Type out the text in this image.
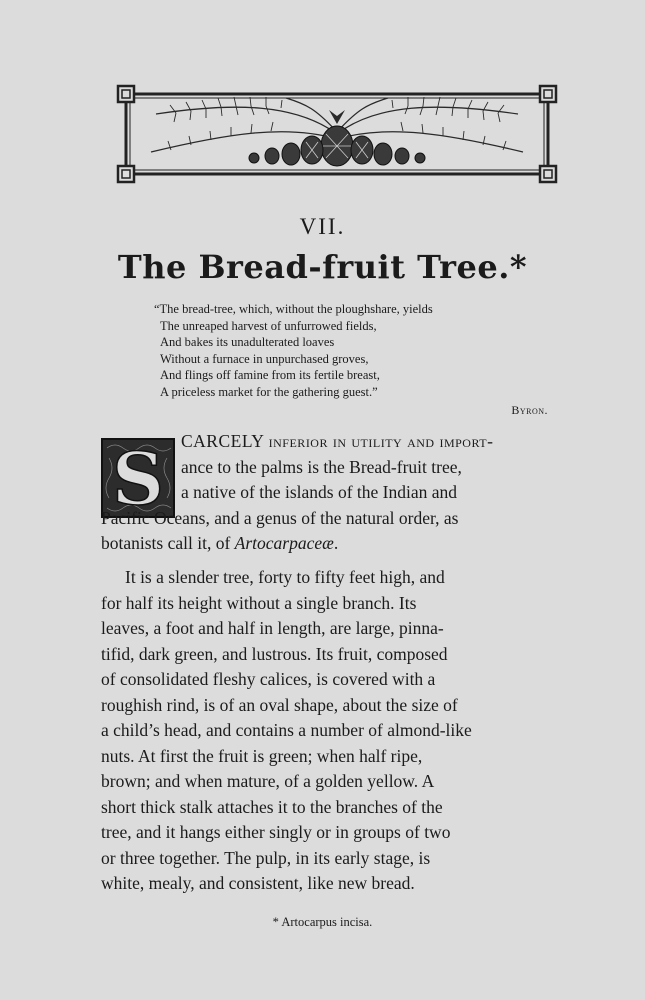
VII.
The Bread-fruit Tree.*
“The bread-tree, which, without the ploughshare, yields
The unreaped harvest of unfurrowed fields,
And bakes its unadulterated loaves
Without a furnace in unpurchased groves,
And flings off famine from its fertile breast,
A priceless market for the gathering guest.”
Byron.
S CARCELY inferior in utility and import-
ance to the palms is the Bread-fruit tree,
a native of the islands of the Indian and
Pacific Oceans, and a genus of the natural order, as
botanists call it, of Artocarpaceæ.
It is a slender tree, forty to fifty feet high, and
for half its height without a single branch. Its
leaves, a foot and half in length, are large, pinna-
tifid, dark green, and lustrous. Its fruit, composed
of consolidated fleshy calices, is covered with a
roughish rind, is of an oval shape, about the size of
a child’s head, and contains a number of almond-like
nuts. At first the fruit is green; when half ripe,
brown; and when mature, of a golden yellow. A
short thick stalk attaches it to the branches of the
tree, and it hangs either singly or in groups of two
or three together. The pulp, in its early stage, is
white, mealy, and consistent, like new bread.
* Artocarpus incisa.
